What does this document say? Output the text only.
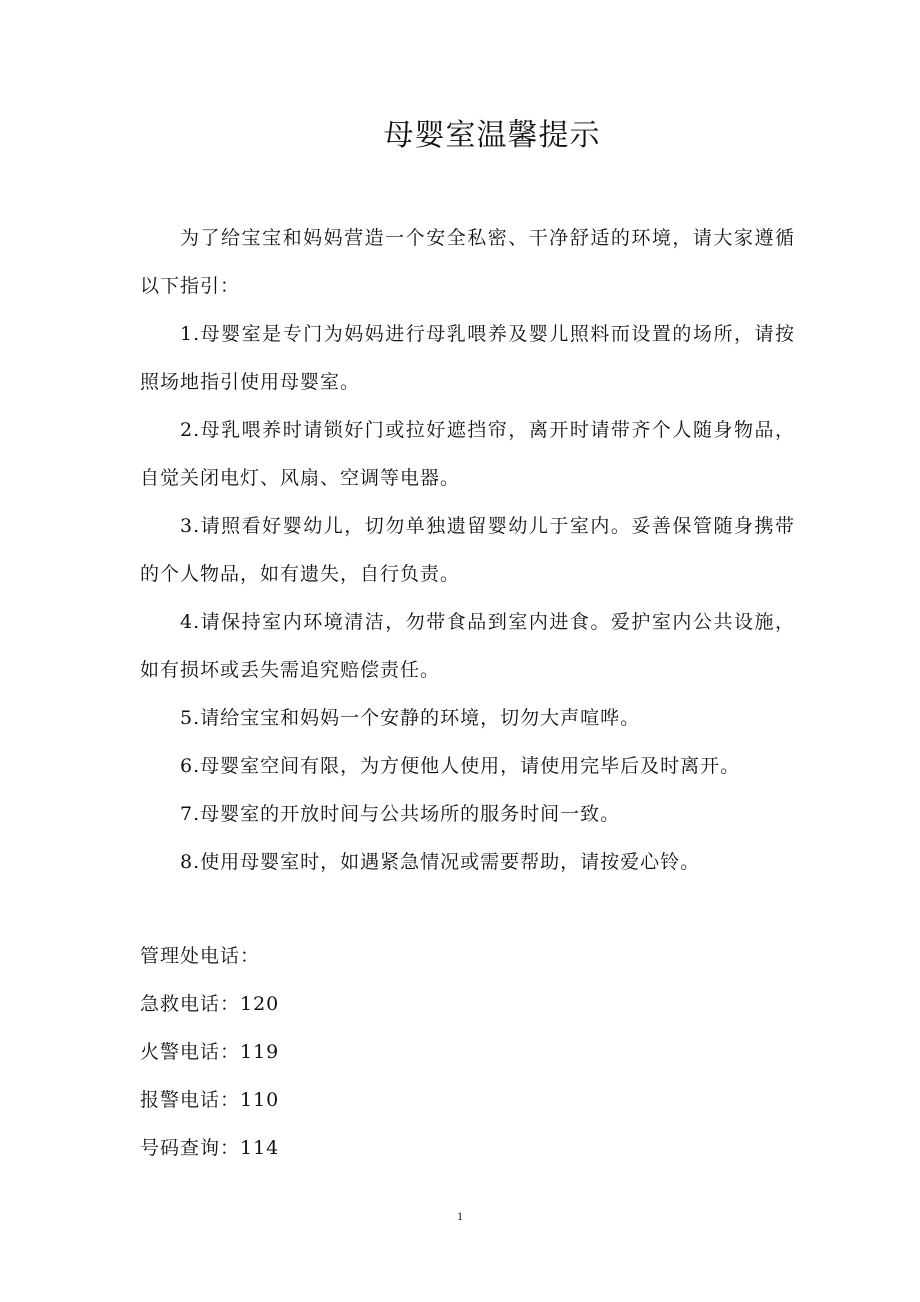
母婴室温馨提示

为了给宝宝和妈妈营造一个安全私密、干净舒适的环境，请大家遵循以下指引：

1.母婴室是专门为妈妈进行母乳喂养及婴儿照料而设置的场所，请按照场地指引使用母婴室。

2.母乳喂养时请锁好门或拉好遮挡帘，离开时请带齐个人随身物品，自觉关闭电灯、风扇、空调等电器。

3.请照看好婴幼儿，切勿单独遗留婴幼儿于室内。妥善保管随身携带的个人物品，如有遗失，自行负责。

4.请保持室内环境清洁，勿带食品到室内进食。爱护室内公共设施，如有损坏或丢失需追究赔偿责任。

5.请给宝宝和妈妈一个安静的环境，切勿大声喧哗。

6.母婴室空间有限，为方便他人使用，请使用完毕后及时离开。

7.母婴室的开放时间与公共场所的服务时间一致。

8.使用母婴室时，如遇紧急情况或需要帮助，请按爱心铃。

管理处电话：

急救电话：120

火警电话：119

报警电话：110

号码查询：114

1
